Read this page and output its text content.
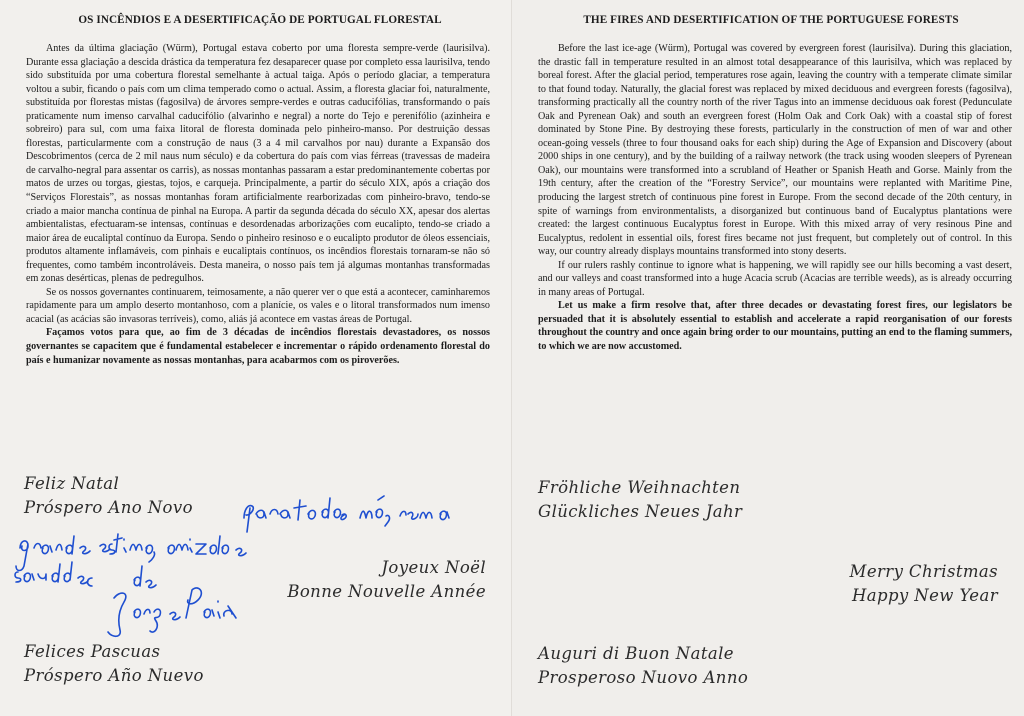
OS INCÊNDIOS E A DESERTIFICAÇÃO DE PORTUGAL FLORESTAL

Antes da última glaciação (Würm), Portugal estava coberto por uma floresta sempre-verde (laurisilva). Durante essa glaciação a descida drástica da temperatura fez desaparecer quase por completo essa laurisilva, tendo sido substituída por uma cobertura florestal semelhante à actual taiga. Após o período glaciar, a temperatura voltou a subir, ficando o país com um clima temperado como o actual. Assim, a floresta glaciar foi, naturalmente, substituída por florestas mistas (fagosilva) de árvores sempre-verdes e outras caducifólias, transformando o país praticamente num imenso carvalhal caducifólio (alvarinho e negral) a norte do Tejo e perenifólio (azinheira e sobreiro) para sul, com uma faixa litoral de floresta dominada pelo pinheiro-manso. Por destruição dessas florestas, particularmente com a construção de naus (3 a 4 mil carvalhos por nau) durante a Expansão dos Descobrimentos (cerca de 2 mil naus num século) e da cobertura do país com vias férreas (travessas de madeira de carvalho-negral para assentar os carris), as nossas montanhas passaram a estar predominantemente cobertas por matos de urzes ou torgas, giestas, tojos, e carqueja. Principalmente, a partir do século XIX, após a criação dos “Serviços Florestais”, as nossas montanhas foram artificialmente rearborizadas com pinheiro-bravo, tendo-se criado a maior mancha contínua de pinhal na Europa. A partir da segunda década do século XX, apesar dos alertas ambientalistas, efectuaram-se intensas, contínuas e desordenadas arborizações com eucalipto, tendo-se criado a maior área de eucaliptal contínuo da Europa. Sendo o pinheiro resinoso e o eucalipto produtor de óleos essenciais, produtos altamente inflamáveis, com pinhais e eucaliptais contínuos, os incêndios florestais tornaram-se não só frequentes, como também incontroláveis. Desta maneira, o nosso país tem já algumas montanhas transformadas em zonas desérticas, plenas de pedregulhos.

Se os nossos governantes continuarem, teimosamente, a não querer ver o que está a acontecer, caminharemos rapidamente para um amplo deserto montanhoso, com a planície, os vales e o litoral transformados num imenso acacial (as acácias são invasoras terríveis), como, aliás já acontece em vastas áreas de Portugal.

Façamos votos para que, ao fim de 3 décadas de incêndios florestais devastadores, os nossos governantes se capacitem que é fundamental estabelecer e incrementar o rápido ordenamento florestal do país e humanizar novamente as nossas montanhas, para acabarmos com os piroverões.

Feliz Natal
Próspero Ano Novo
Joyeux Noël
Bonne Nouvelle Année
Felices Pascuas
Próspero Año Nuevo
THE FIRES AND DESERTIFICATION OF THE PORTUGUESE FORESTS

Before the last ice-age (Würm), Portugal was covered by evergreen forest (laurisilva). During this glaciation, the drastic fall in temperature resulted in an almost total desappearance of this laurisilva, which was replaced by boreal forest. After the glacial period, temperatures rose again, leaving the country with a temperate climate similar to that found today. Naturally, the glacial forest was replaced by mixed deciduous and evergreen forests (fagosilva), transforming practically all the country north of the river Tagus into an immense deciduous oak forest (Pedunculate Oak and Pyrenean Oak) and south an evergreen forest (Holm Oak and Cork Oak) with a coastal stip of forest dominated by Stone Pine. By destroying these forests, particularly in the construction of men of war and other ocean-going vessels (three to four thousand oaks for each ship) during the Age of Expansion and Discovery (about 2000 ships in one century), and by the building of a railway network (the track using wooden sleepers of Pyrenean Oak), our mountains were transformed into a scrubland of Heather or Spanish Heath and Gorse. Mainly from the 19th century, after the creation of the “Forestry Service”, our mountains were replanted with Maritime Pine, producing the largest stretch of continuous pine forest in Europe. From the second decade of the 20th century, in spite of warnings from environmentalists, a disorganized but continuous band of Eucalyptus plantations were created: the largest continuous Eucalyptus forest in Europe. With this mixed array of very resinous Pine and Eucalyptus, redolent in essential oils, forest fires became not just frequent, but completely out of control. In this way, our country already displays mountains transformed into stony deserts.

If our rulers rashly continue to ignore what is happening, we will rapidly see our hills becoming a vast desert, and our valleys and coast transformed into a huge Acacia scrub (Acacias are terrible weeds), as is already occurring in many areas of Portugal.

Let us make a firm resolve that, after three decades or devastating forest fires, our legislators be persuaded that it is absolutely essential to establish and accelerate a rapid reorganisation of our forests throughout the country and once again bring order to our mountains, putting an end to the flaming summers, to which we are now accustomed.

Fröhliche Weihnachten
Glückliches Neues Jahr
Merry Christmas
Happy New Year
Auguri di Buon Natale
Prosperoso Nuovo Anno
